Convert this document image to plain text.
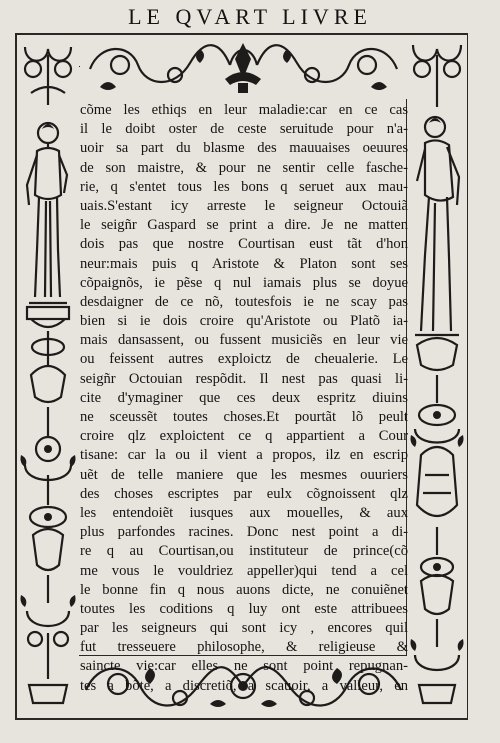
LE QVART LIVRE
cõme les ethiqs en leur maladie:car en ce cas
il le doibt oster de ceste seruitude pour n'a-
uoir sa part du blasme des mauuaises oeuures
de son maistre, & pour ne sentir celle fasche-
rie, q s'entet tous les bons q seruet aux mau-
uais.S'estant icy arreste le seigneur Octouiã
le seigñr Gaspard se print a dire. Je ne matten
dois pas que nostre Courtisan eust tãt d'hon
neur:mais puis q Aristote & Platon sont ses
cõpaignõs, ie pẽse q nul iamais plus se doyue
desdaigner de ce nõ, toutesfois ie ne scay pas
bien si ie dois croire qu'Aristote ou Platõ ia-
mais dansassent, ou fussent musiciẽs en leur vie
ou feissent autres exploictz de cheualerie. Le
seigñr Octouian respõdit. Il nest pas quasi li-
cite d'ymaginer que ces deux espritz diuins
ne sceussẽt toutes choses.Et pourtãt lõ peult
croire qlz exploictent ce q appartient a Cour
tisane: car la ou il vient a propos, ilz en escrip
uẽt de telle maniere que les mesmes ouuriers
des choses escriptes par eulx cõgnoissent qlz
les entendoiẽt iusques aux mouelles, & aux
plus parfondes racines. Donc nest point a di-
re q au Courtisan,ou instituteur de prince(cõ
me vous le vouldriez appeller)qui tend a cel
le bonne fin q nous auons dicte, ne conuiẽnet
toutes les coditions q luy ont este attribuees
par les seigneurs qui sont icy , encores quil
fut tresseuere philosophe, & religieuse &
saincte vie:car elles ne sont point repugnan-
tes a bõte, a discretiõ, a scauoir, a valleur, en
